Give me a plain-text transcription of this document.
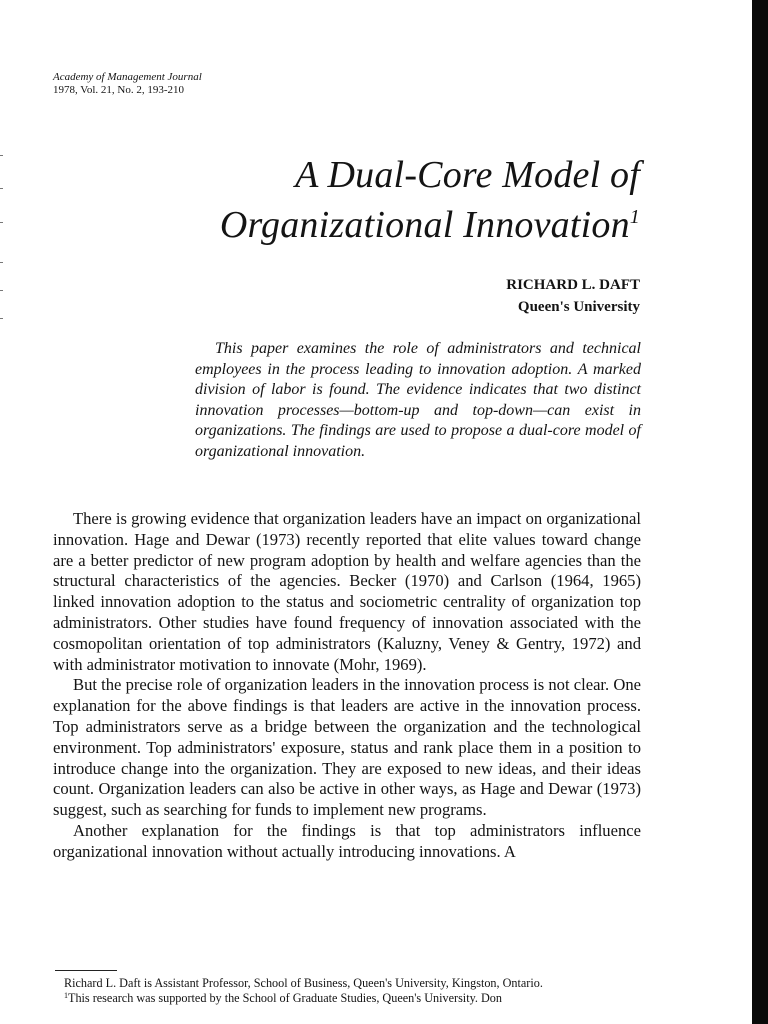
Academy of Management Journal
1978, Vol. 21, No. 2, 193-210
A Dual-Core Model of
Organizational Innovation$^1$
RICHARD L. DAFT
Queen's University

This paper examines the role of administrators and technical employees in the process leading to innovation adoption. A marked division of labor is found. The evidence indicates that two distinct innovation processes—bottom-up and top-down—can exist in organizations. The findings are used to propose a dual-core model of organizational innovation.

There is growing evidence that organization leaders have an impact on organizational innovation. Hage and Dewar (1973) recently reported that elite values toward change are a better predictor of new program adoption by health and welfare agencies than the structural characteristics of the agencies. Becker (1970) and Carlson (1964, 1965) linked innovation adoption to the status and sociometric centrality of organization top administrators. Other studies have found frequency of innovation associated with the cosmopolitan orientation of top administrators (Kaluzny, Veney & Gentry, 1972) and with administrator motivation to innovate (Mohr, 1969).

But the precise role of organization leaders in the innovation process is not clear. One explanation for the above findings is that leaders are active in the innovation process. Top administrators serve as a bridge between the organization and the technological environment. Top administrators' exposure, status and rank place them in a position to introduce change into the organization. They are exposed to new ideas, and their ideas count. Organization leaders can also be active in other ways, as Hage and Dewar (1973) suggest, such as searching for funds to implement new programs.

Another explanation for the findings is that top administrators influence organizational innovation without actually introducing innovations. A

Richard L. Daft is Assistant Professor, School of Business, Queen's University, Kingston, Ontario.

$^1$This research was supported by the School of Graduate Studies, Queen's University. Don
